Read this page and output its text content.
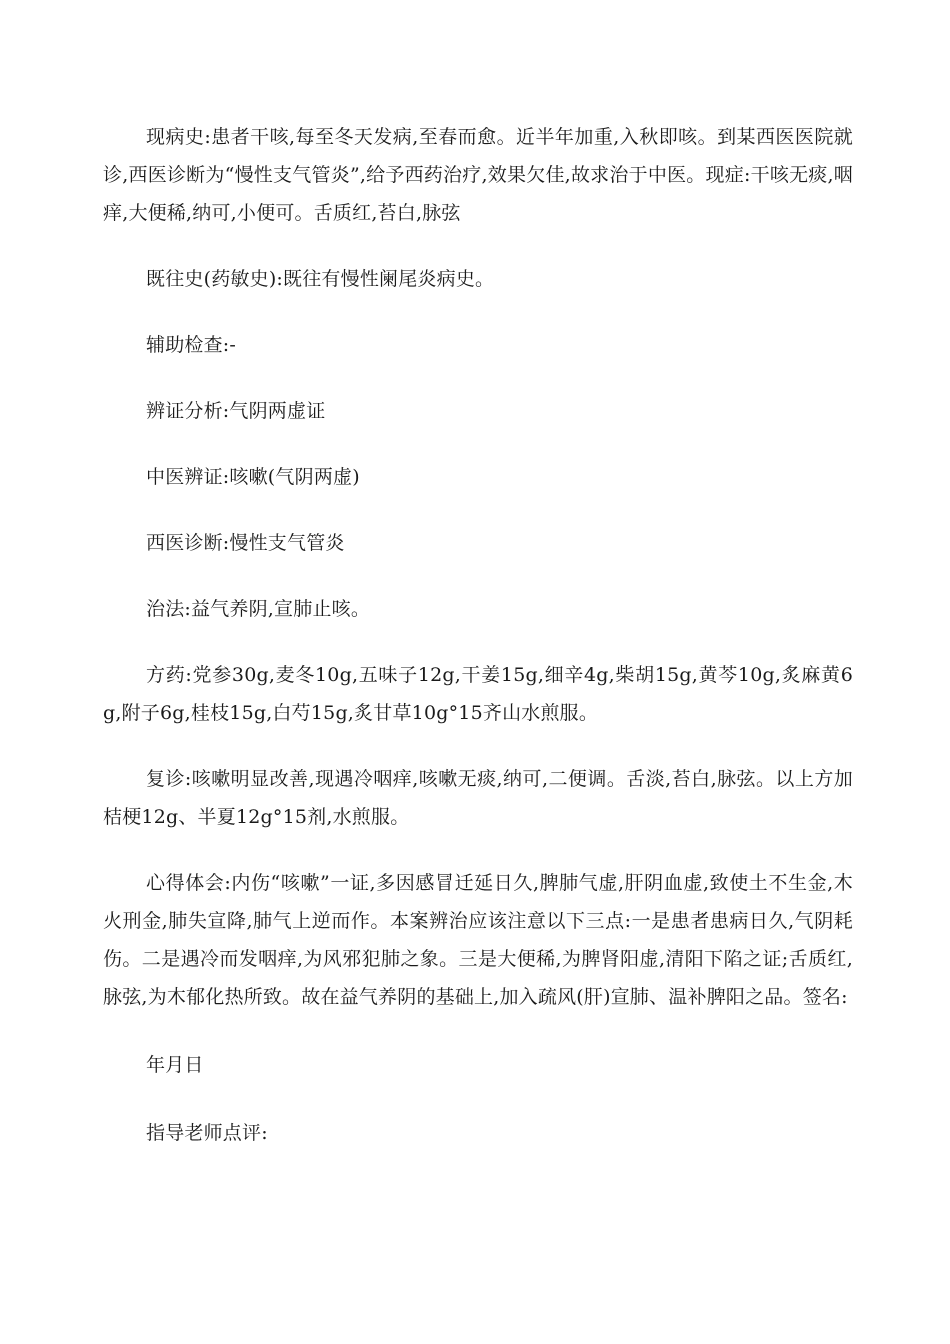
现病史:患者干咳,每至冬天发病,至春而愈。近半年加重,入秋即咳。到某西医医院就诊,西医诊断为“慢性支气管炎”,给予西药治疗,效果欠佳,故求治于中医。现症:干咳无痰,咽痒,大便稀,纳可,小便可。舌质红,苔白,脉弦

既往史(药敏史):既往有慢性阑尾炎病史。

辅助检查:-

辨证分析:气阴两虚证

中医辨证:咳嗽(气阴两虚)

西医诊断:慢性支气管炎

治法:益气养阴,宣肺止咳。

方药:党参30g,麦冬10g,五味子12g,干姜15g,细辛4g,柴胡15g,黄芩10g,炙麻黄6g,附子6g,桂枝15g,白芍15g,炙甘草10g°15齐山水煎服。

复诊:咳嗽明显改善,现遇冷咽痒,咳嗽无痰,纳可,二便调。舌淡,苔白,脉弦。以上方加桔梗12g、半夏12g°15剂,水煎服。

心得体会:内伤“咳嗽”一证,多因感冒迁延日久,脾肺气虚,肝阴血虚,致使土不生金,木火刑金,肺失宣降,肺气上逆而作。本案辨治应该注意以下三点:一是患者患病日久,气阴耗伤。二是遇冷而发咽痒,为风邪犯肺之象。三是大便稀,为脾肾阳虚,清阳下陷之证;舌质红,脉弦,为木郁化热所致。故在益气养阴的基础上,加入疏风(肝)宣肺、温补脾阳之品。签名:

年月日

指导老师点评:
